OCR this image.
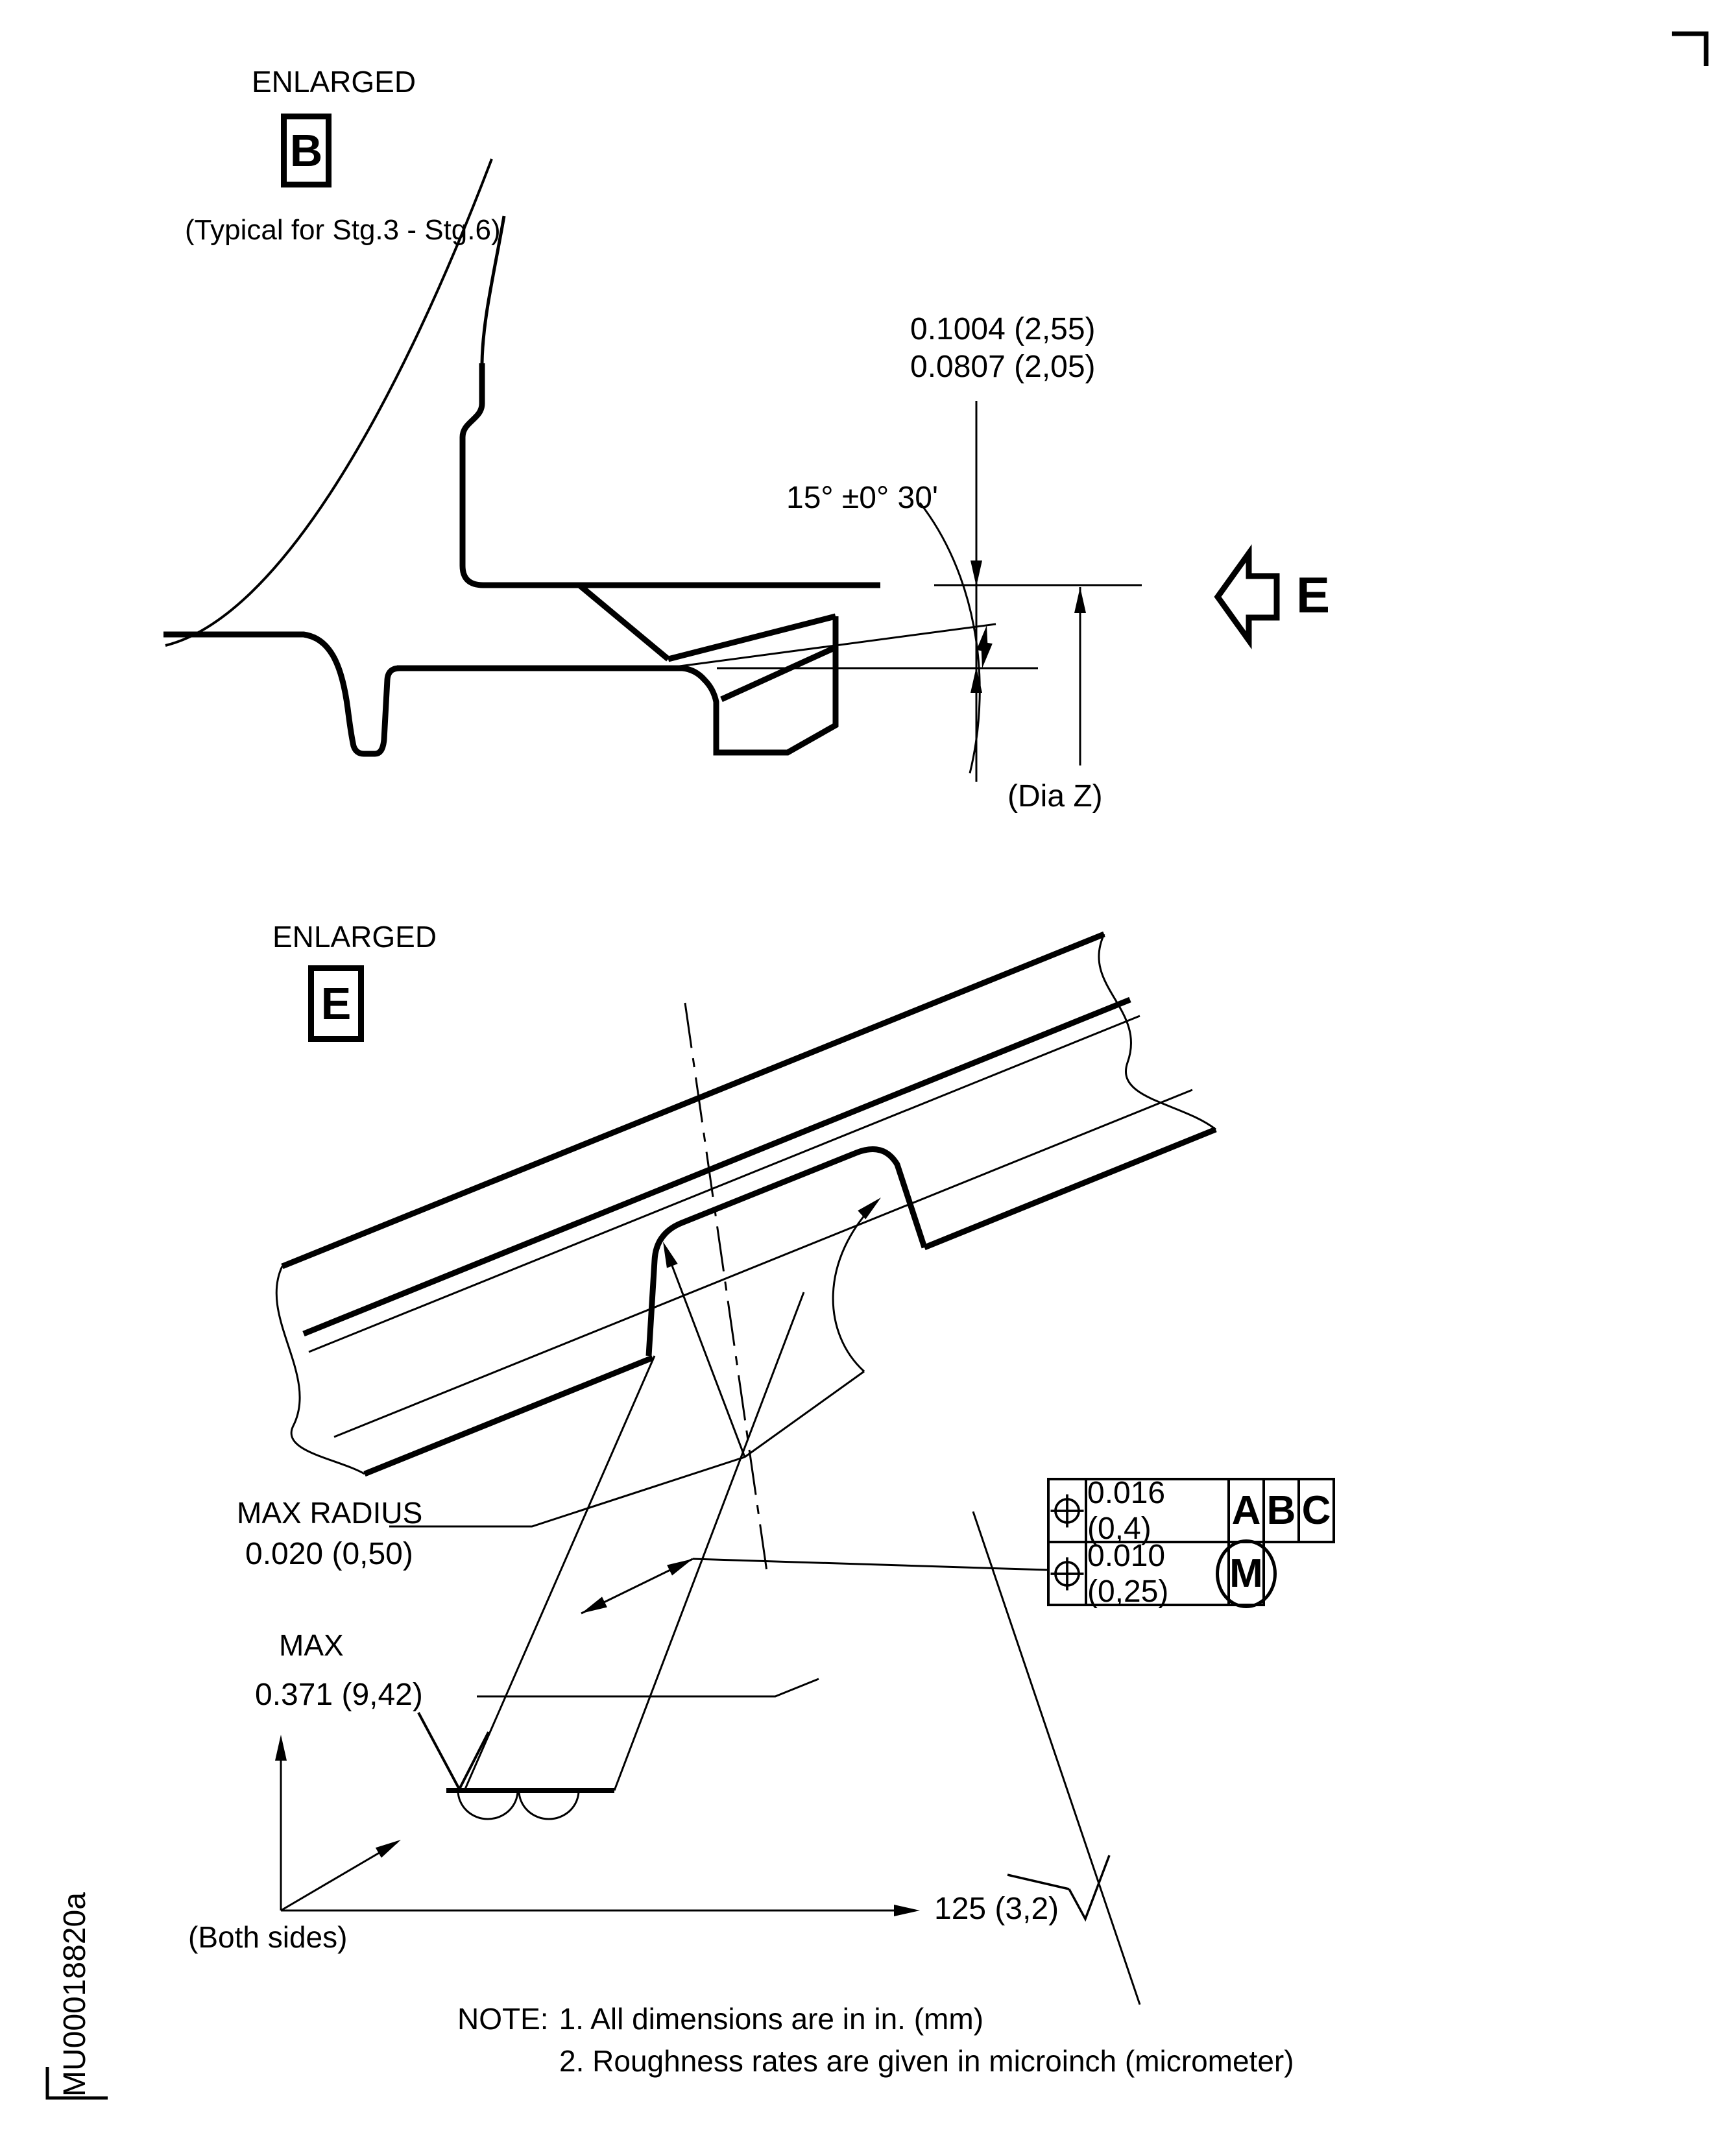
ENLARGED
B
(Typical for Stg.3 - Stg.6)
0.1004 (2,55)
0.0807 (2,05)
15° ±0° 30'
(Dia Z)
E
ENLARGED
E
MAX RADIUS
0.020 (0,50)
MAX
0.371 (9,42)
(Both sides)
125 (3,2)
0.016 (0,4)	A B C
0.010 (0,25)	M
NOTE: 1. All dimensions are in in. (mm)
2. Roughness rates are given in microinch (micrometer)
MU00018820a
